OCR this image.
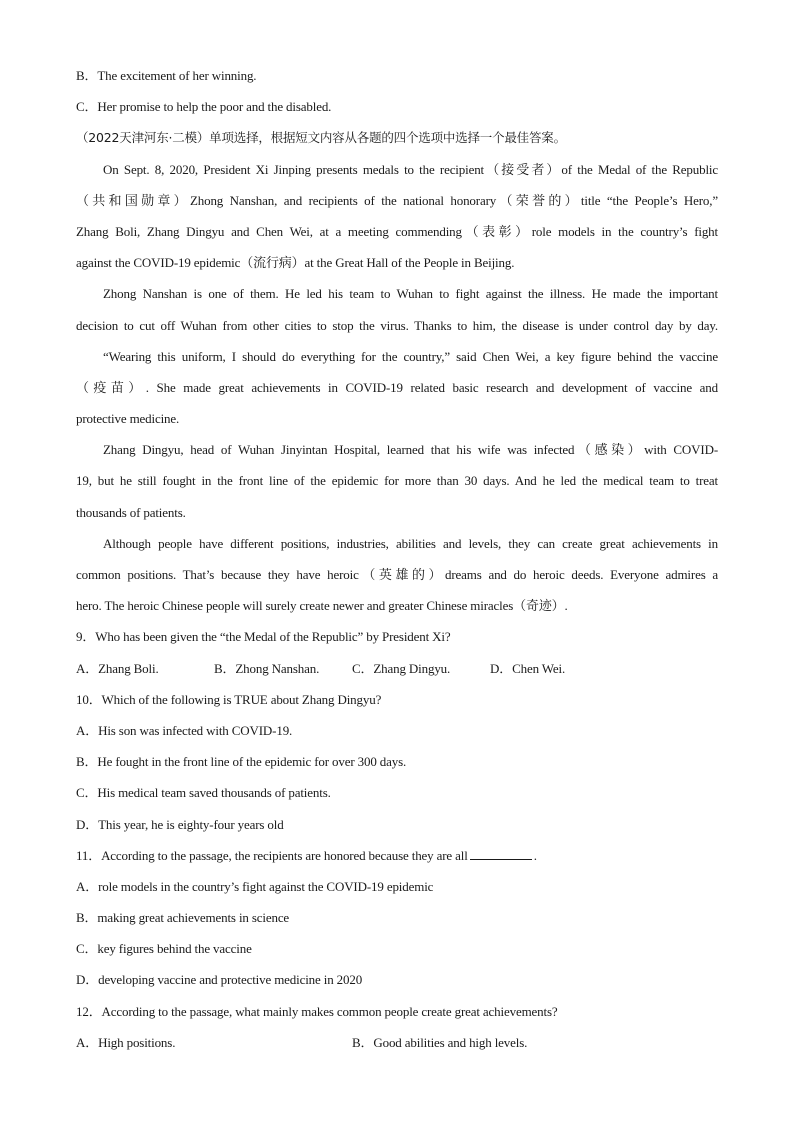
B．The excitement of her winning.
C．Her promise to help the poor and the disabled.
（2022天津河东·二模）单项选择，根据短文内容从各题的四个选项中选择一个最佳答案。
On Sept. 8, 2020, President Xi Jinping presents medals to the recipient（接受者）of the Medal of the Republic
（共和国勋章）Zhong Nanshan, and recipients of the national honorary（荣誉的）title “the People’s Hero,”
Zhang Boli, Zhang Dingyu and Chen Wei, at a meeting commending（表彰）role models in the country’s fight
against the COVID-19 epidemic（流行病）at the Great Hall of the People in Beijing.
Zhong Nanshan is one of them. He led his team to Wuhan to fight against the illness. He made the important
decision to cut off Wuhan from other cities to stop the virus. Thanks to him, the disease is under control day by day.
“Wearing this uniform, I should do everything for the country,” said Chen Wei, a key figure behind the vaccine
（疫苗）. She made great achievements in COVID-19 related basic research and development of vaccine and
protective medicine.
Zhang Dingyu, head of Wuhan Jinyintan Hospital, learned that his wife was infected（感染）with COVID-
19, but he still fought in the front line of the epidemic for more than 30 days. And he led the medical team to treat
thousands of patients.
Although people have different positions, industries, abilities and levels, they can create great achievements in
common positions. That’s because they have heroic（英雄的）dreams and do heroic deeds. Everyone admires a
hero. The heroic Chinese people will surely create newer and greater Chinese miracles（奇迹）.
9．Who has been given the “the Medal of the Republic” by President Xi?
A．Zhang Boli.	B．Zhong Nanshan.	C．Zhang Dingyu.	D．Chen Wei.
10．Which of the following is TRUE about Zhang Dingyu?
A．His son was infected with COVID-19.
B．He fought in the front line of the epidemic for over 300 days.
C．His medical team saved thousands of patients.
D．This year, he is eighty-four years old
11．According to the passage, the recipients are honored because they are all	.
A．role models in the country’s fight against the COVID-19 epidemic
B．making great achievements in science
C．key figures behind the vaccine
D．developing vaccine and protective medicine in 2020
12．According to the passage, what mainly makes common people create great achievements?
A．High positions.	B．Good abilities and high levels.
